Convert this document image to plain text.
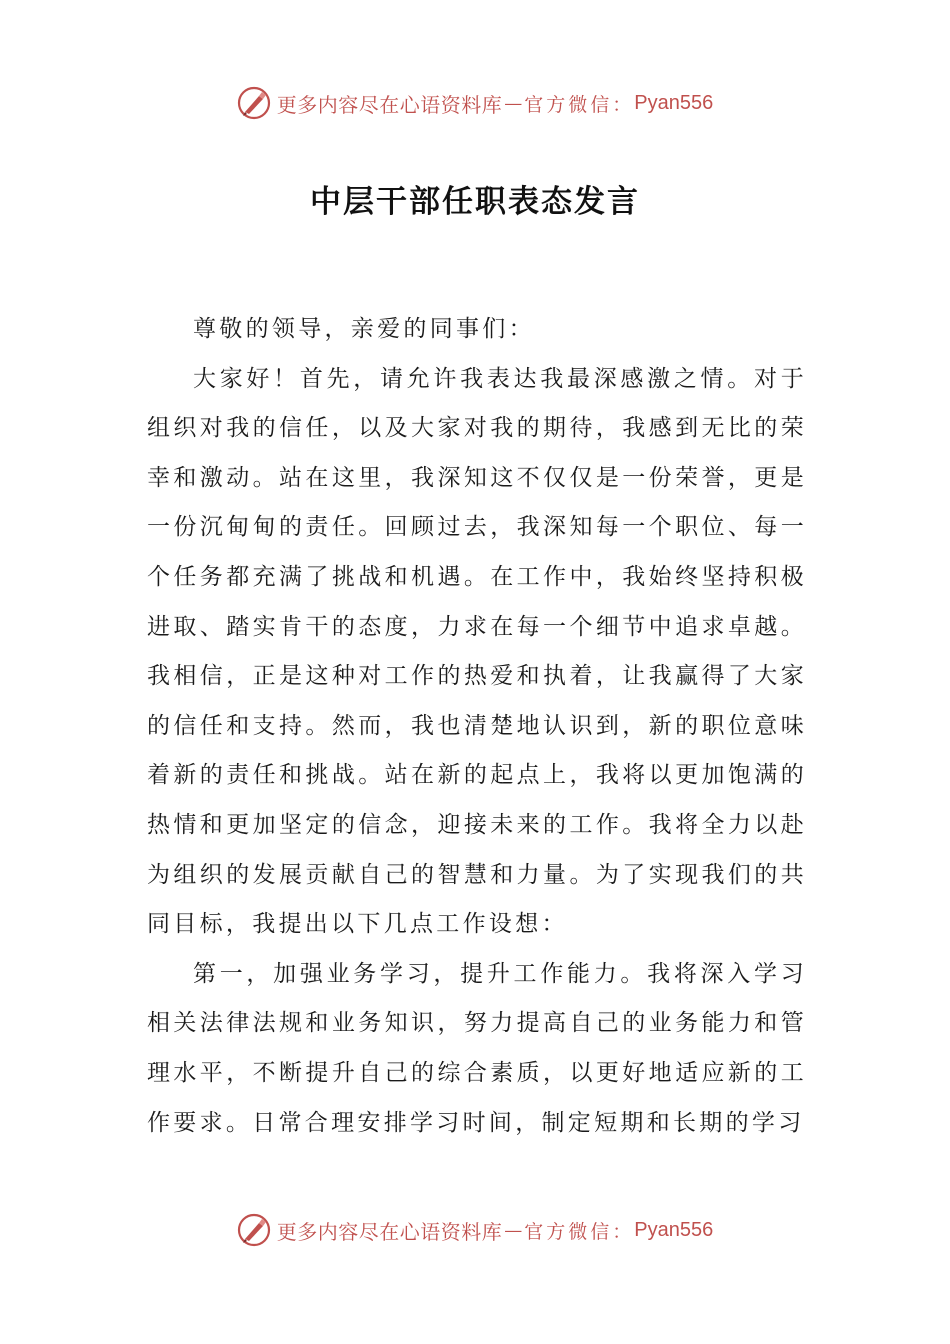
更多内容尽在心语资料库 — 官方微信： Pyan556
中层干部任职表态发言

尊敬的领导，亲爱的同事们：

大家好！首先，请允许我表达我最深感激之情。对于组织对我的信任，以及大家对我的期待，我感到无比的荣幸和激动。站在这里，我深知这不仅仅是一份荣誉，更是一份沉甸甸的责任。回顾过去，我深知每一个职位、每一个任务都充满了挑战和机遇。在工作中，我始终坚持积极进取、踏实肯干的态度，力求在每一个细节中追求卓越。我相信，正是这种对工作的热爱和执着，让我赢得了大家的信任和支持。然而，我也清楚地认识到，新的职位意味着新的责任和挑战。站在新的起点上，我将以更加饱满的热情和更加坚定的信念，迎接未来的工作。我将全力以赴为组织的发展贡献自己的智慧和力量。为了实现我们的共同目标，我提出以下几点工作设想：

第一，加强业务学习，提升工作能力。我将深入学习相关法律法规和业务知识，努力提高自己的业务能力和管理水平，不断提升自己的综合素质，以更好地适应新的工作要求。日常合理安排学习时间，制定短期和长期的学习

更多内容尽在心语资料库 — 官方微信： Pyan556
